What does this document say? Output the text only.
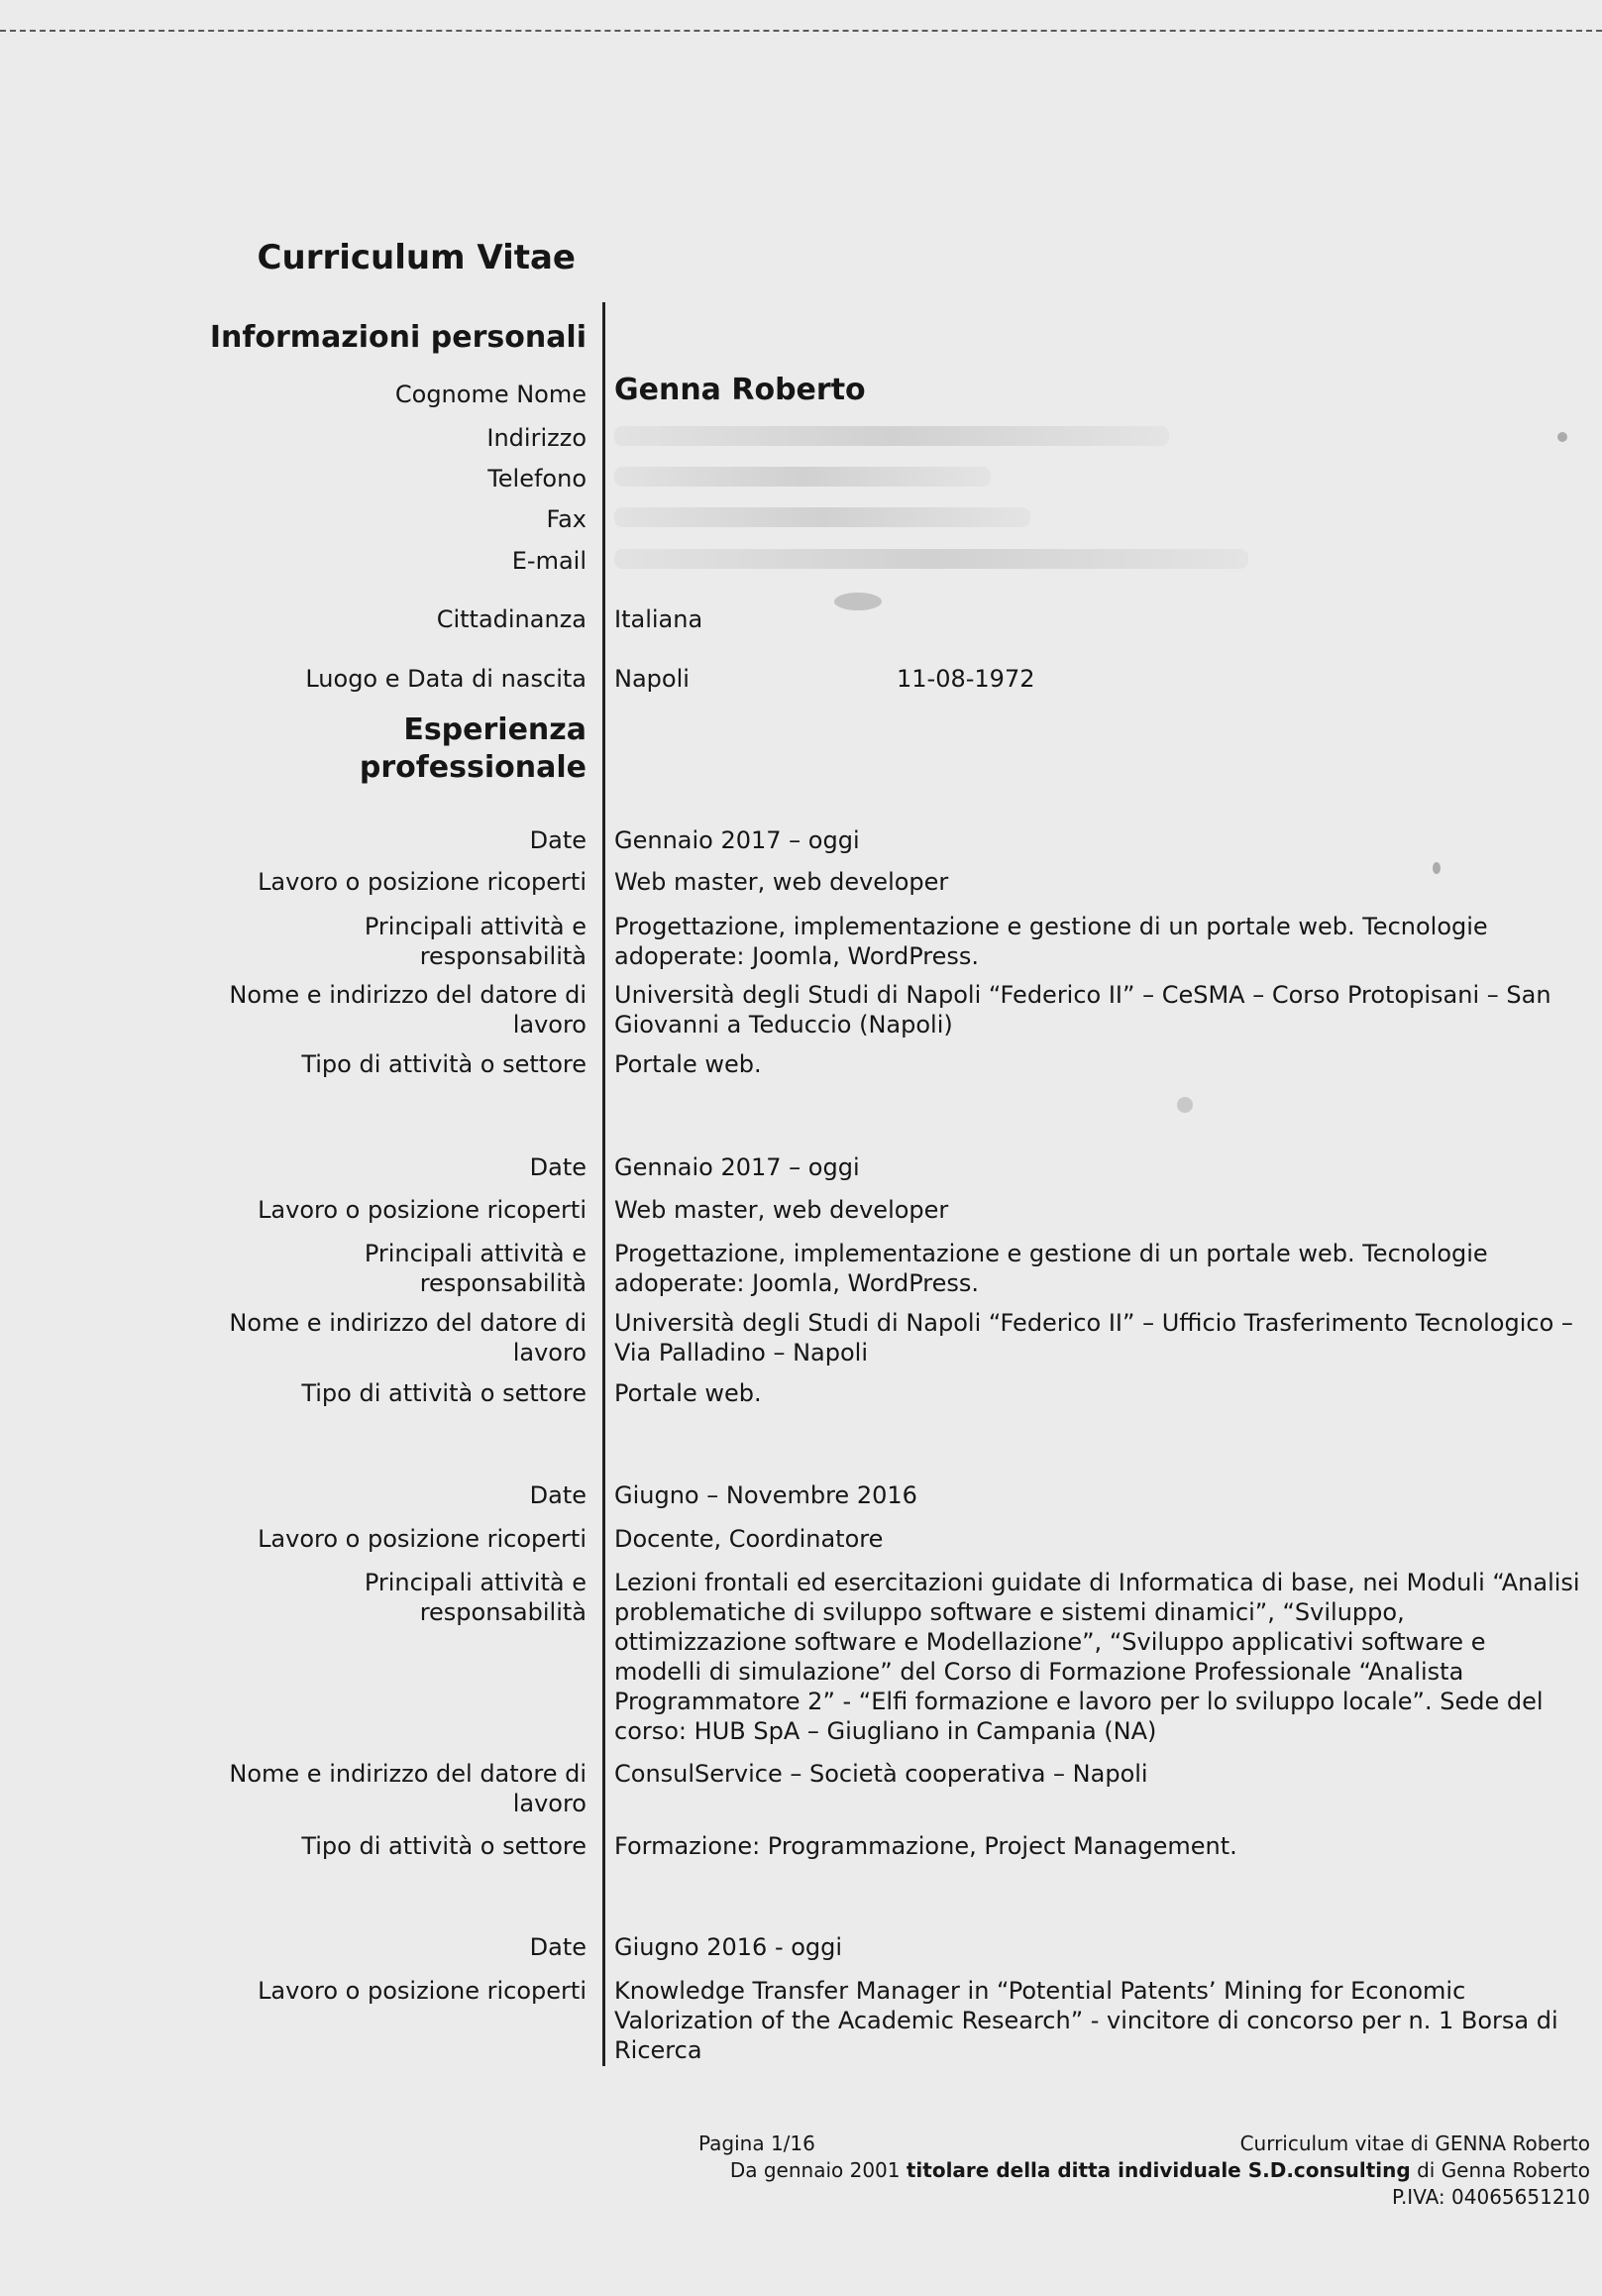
Curriculum Vitae
Informazioni personali
Cognome Nome Genna Roberto
Indirizzo
Telefono
Fax
E-mail
Cittadinanza Italiana
Luogo e Data di nascita Napoli	11-08-1972
Esperienza
professionale
Date Gennaio 2017 – oggi
Lavoro o posizione ricoperti Web master, web developer
Principali attività e
responsabilità
Progettazione, implementazione e gestione di un portale web. Tecnologie adoperate: Joomla, WordPress.
Nome e indirizzo del datore di
lavoro
Università degli Studi di Napoli “Federico II” – CeSMA – Corso Protopisani – San Giovanni a Teduccio (Napoli)
Tipo di attività o settore Portale web.
Date Gennaio 2017 – oggi
Lavoro o posizione ricoperti Web master, web developer
Principali attività e
responsabilità
Progettazione, implementazione e gestione di un portale web. Tecnologie adoperate: Joomla, WordPress.
Nome e indirizzo del datore di
lavoro
Università degli Studi di Napoli “Federico II” – Ufficio Trasferimento Tecnologico – Via Palladino – Napoli
Tipo di attività o settore Portale web.
Date Giugno – Novembre 2016
Lavoro o posizione ricoperti Docente, Coordinatore
Principali attività e
responsabilità
Lezioni frontali ed esercitazioni guidate di Informatica di base, nei Moduli “Analisi problematiche di sviluppo software e sistemi dinamici”, “Sviluppo, ottimizzazione software e Modellazione”, “Sviluppo applicativi software e modelli di simulazione” del Corso di Formazione Professionale “Analista Programmatore 2” - “Elfi formazione e lavoro per lo sviluppo locale”. Sede del corso: HUB SpA – Giugliano in Campania (NA)
Nome e indirizzo del datore di
lavoro
ConsulService – Società cooperativa – Napoli
Tipo di attività o settore Formazione: Programmazione, Project Management.
Date Giugno 2016 - oggi
Lavoro o posizione ricoperti Knowledge Transfer Manager in “Potential Patents’ Mining for Economic Valorization of the Academic Research” - vincitore di concorso per n. 1 Borsa di Ricerca
Pagina 1/16	Curriculum vitae di GENNA Roberto
Da gennaio 2001 titolare della ditta individuale S.D.consulting di Genna Roberto
P.IVA: 04065651210
